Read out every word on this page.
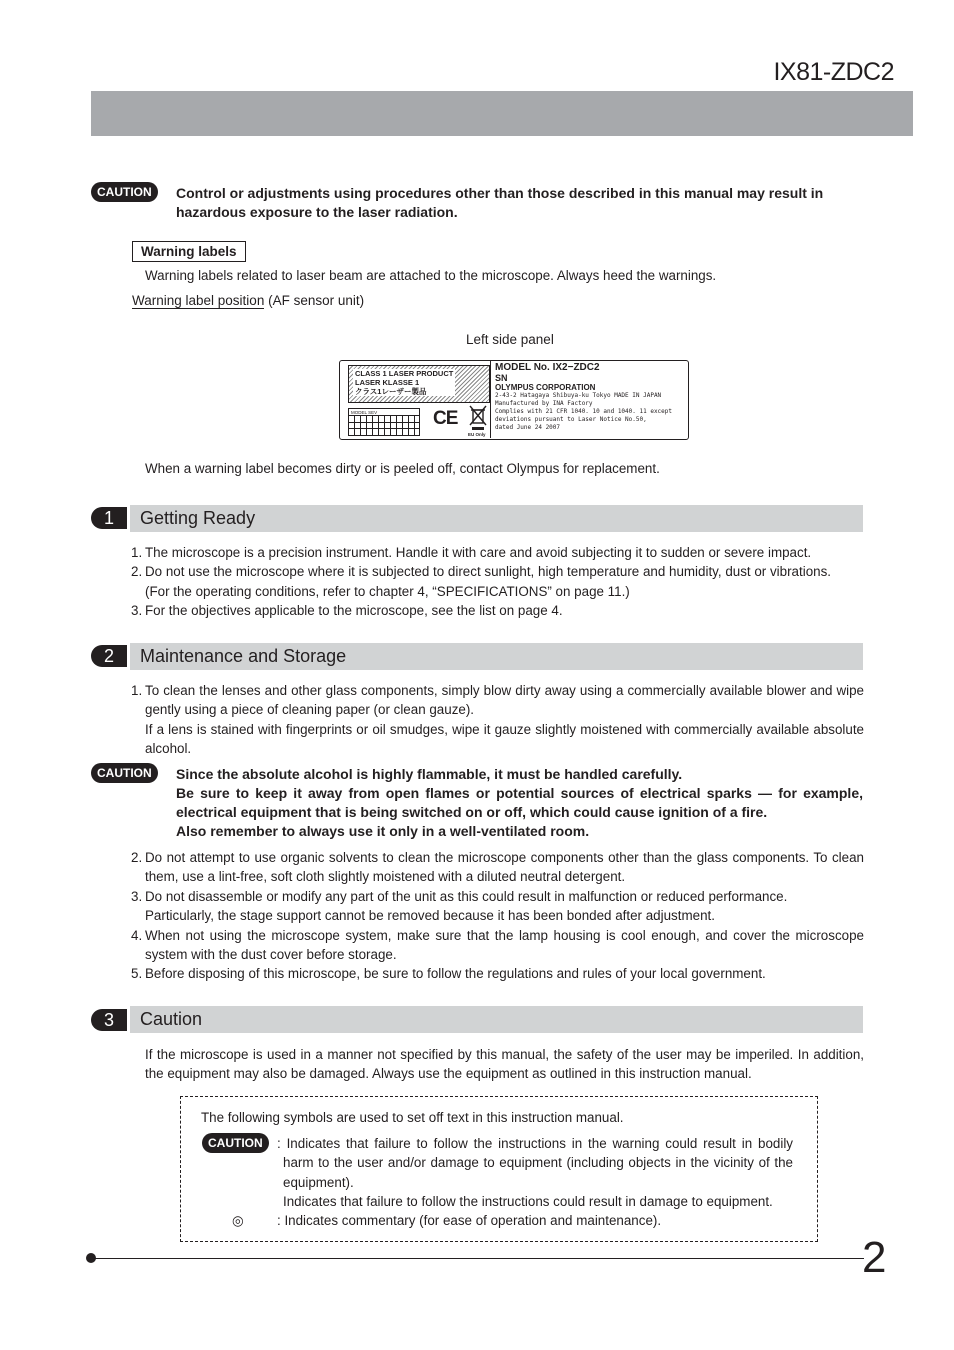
IX81-ZDC2
CAUTION	Control or adjustments using procedures other than those described in this manual may result in hazardous exposure to the laser radiation.
Warning labels
Warning labels related to laser beam are attached to the microscope. Always heed the warnings.
Warning label position (AF sensor unit)
Left side panel
CLASS 1 LASER PRODUCT
LASER KLASSE 1
クラス1レーザー製品
MODEL SEV	CE
EU Only
MODEL No. IX2−ZDC2
SN
OLYMPUS CORPORATION
2-43-2 Hatagaya Shibuya-ku Tokyo MADE IN JAPAN
Manufactured by INA Factory
Complies with 21 CFR 1040. 10 and 1040. 11 except
deviations pursuant to Laser Notice No.50,
dated June 24 2007
When a warning label becomes dirty or is peeled off, contact Olympus for replacement.
1	Getting Ready
1. The microscope is a precision instrument. Handle it with care and avoid subjecting it to sudden or severe impact.
2. Do not use the microscope where it is subjected to direct sunlight, high temperature and humidity, dust or vibrations.
(For the operating conditions, refer to chapter 4, “SPECIFICATIONS” on page 11.)
3. For the objectives applicable to the microscope, see the list on page 4.
2	Maintenance and Storage
1. To clean the lenses and other glass components, simply blow dirty away using a commercially available blower and wipe gently using a piece of cleaning paper (or clean gauze).
If a lens is stained with fingerprints or oil smudges, wipe it gauze slightly moistened with commercially available absolute alcohol.
CAUTION	Since the absolute alcohol is highly flammable, it must be handled carefully.
Be sure to keep it away from open flames or potential sources of electrical sparks — for example, electrical equipment that is being switched on or off, which could cause ignition of a fire.
Also remember to always use it only in a well-ventilated room.
2. Do not attempt to use organic solvents to clean the microscope components other than the glass components. To clean them, use a lint-free, soft cloth slightly moistened with a diluted neutral detergent.
3. Do not disassemble or modify any part of the unit as this could result in malfunction or reduced performance.
Particularly, the stage support cannot be removed because it has been bonded after adjustment.
4. When not using the microscope system, make sure that the lamp housing is cool enough, and cover the microscope system with the dust cover before storage.
5. Before disposing of this microscope, be sure to follow the regulations and rules of your local government.
3	Caution
If the microscope is used in a manner not specified by this manual, the safety of the user may be imperiled. In addition, the equipment may also be damaged. Always use the equipment as outlined in this instruction manual.
The following symbols are used to set off text in this instruction manual.
CAUTION	: Indicates that failure to follow the instructions in the warning could result in bodily harm to the user and/or damage to equipment (including objects in the vicinity of the equipment).
Indicates that failure to follow the instructions could result in damage to equipment.
◎ : Indicates commentary (for ease of operation and maintenance).
2
